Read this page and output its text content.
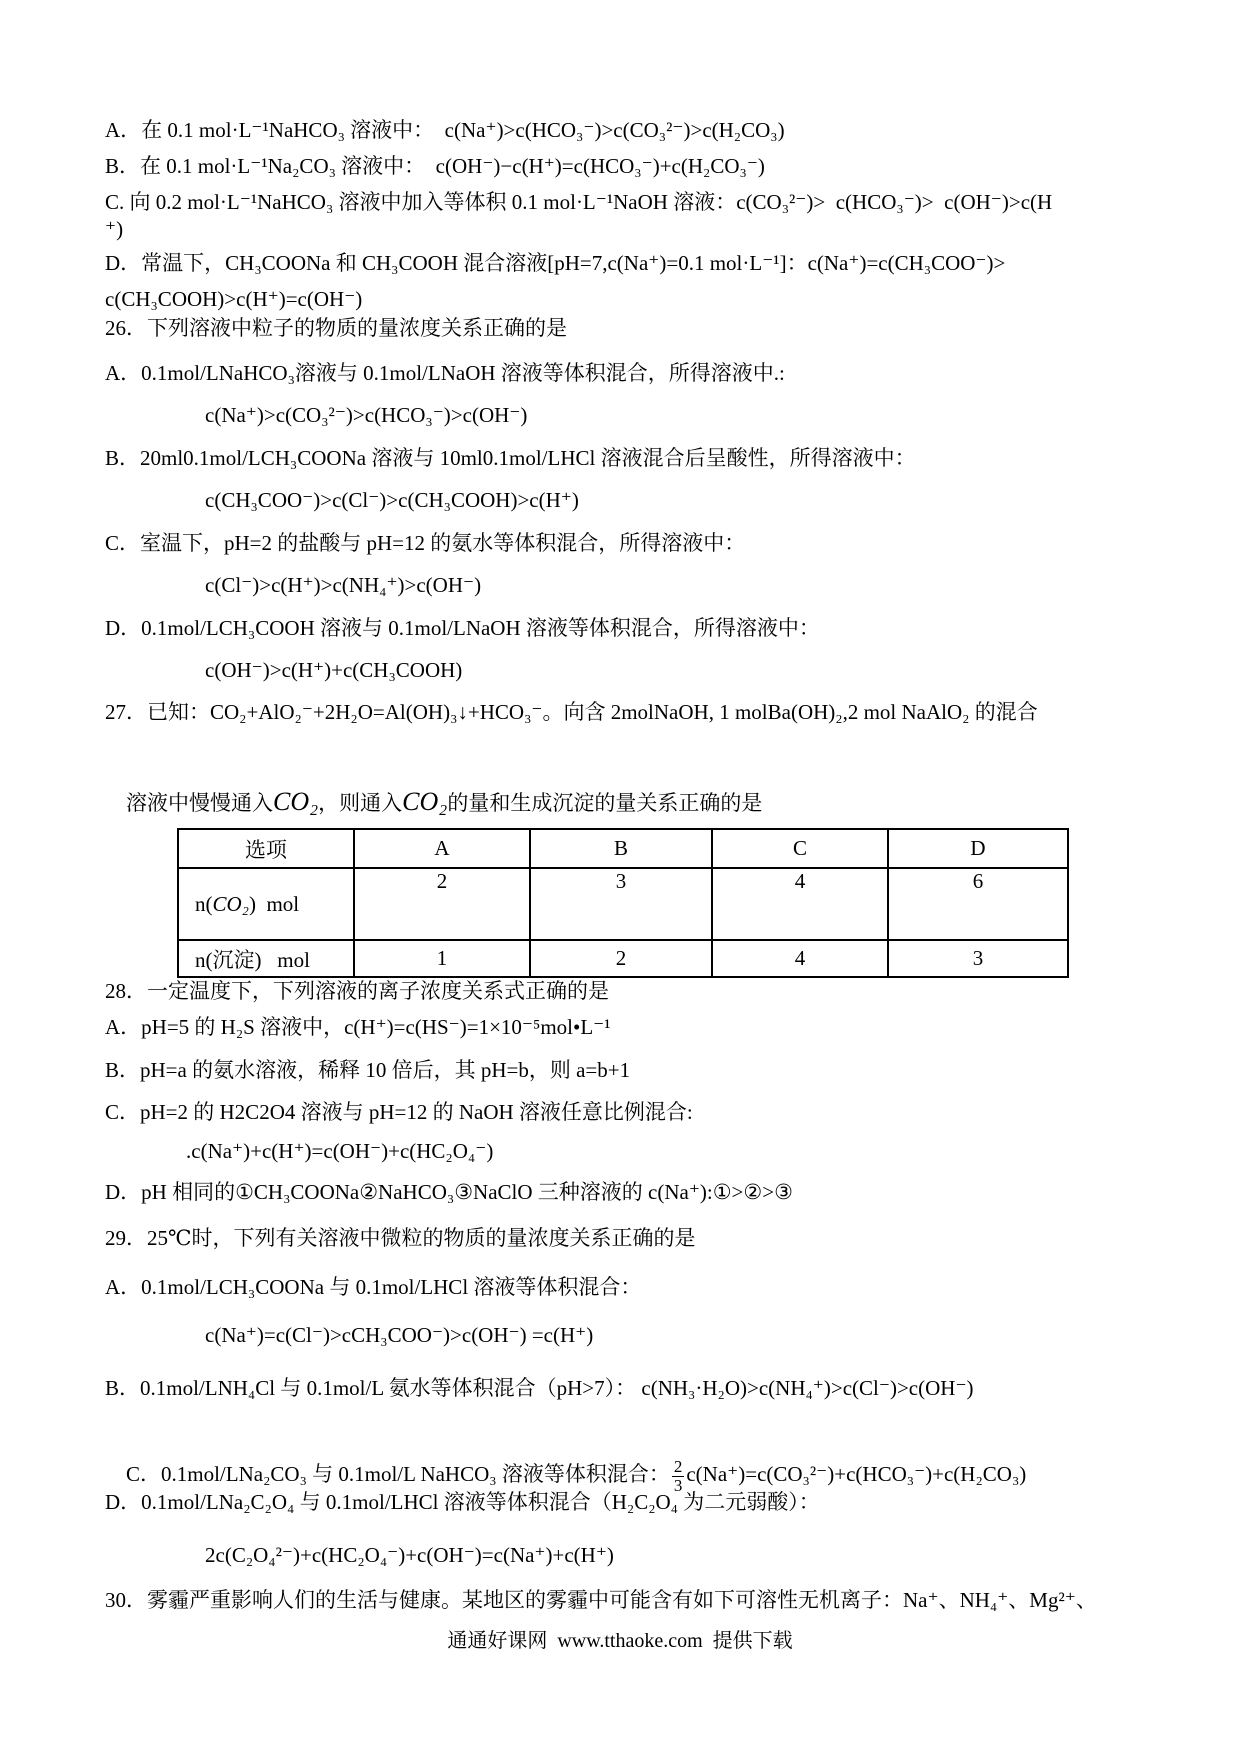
A．在 0.1 mol·L⁻¹NaHCO₃ 溶液中：  c(Na⁺)>c(HCO₃⁻)>c(CO₃²⁻)>c(H₂CO₃)
B．在 0.1 mol·L⁻¹Na₂CO₃ 溶液中：  c(OH⁻)−c(H⁺)=c(HCO₃⁻)+c(H₂CO₃⁻)
C. 向 0.2 mol·L⁻¹NaHCO₃ 溶液中加入等体积 0.1 mol·L⁻¹NaOH 溶液：c(CO₃²⁻)>  c(HCO₃⁻)>  c(OH⁻)>c(H
⁺)
D．常温下，CH₃COONa 和 CH₃COOH 混合溶液[pH=7,c(Na⁺)=0.1 mol·L⁻¹]：c(Na⁺)=c(CH₃COO⁻)>
c(CH₃COOH)>c(H⁺)=c(OH⁻)
26．下列溶液中粒子的物质的量浓度关系正确的是
A．0.1mol/LNaHCO₃溶液与 0.1mol/LNaOH 溶液等体积混合，所得溶液中.:
c(Na⁺)>c(CO₃²⁻)>c(HCO₃⁻)>c(OH⁻)
B．20ml0.1mol/LCH₃COONa 溶液与 10ml0.1mol/LHCl 溶液混合后呈酸性，所得溶液中：
c(CH₃COO⁻)>c(Cl⁻)>c(CH₃COOH)>c(H⁺)
C．室温下，pH=2 的盐酸与 pH=12 的氨水等体积混合，所得溶液中：
c(Cl⁻)>c(H⁺)>c(NH₄⁺)>c(OH⁻)
D．0.1mol/LCH₃COOH 溶液与 0.1mol/LNaOH 溶液等体积混合，所得溶液中：
c(OH⁻)>c(H⁺)+c(CH₃COOH)
27．已知：CO₂+AlO₂⁻+2H₂O=Al(OH)₃↓+HCO₃⁻。向含 2molNaOH, 1 molBa(OH)₂,2 mol NaAlO₂ 的混合

溶液中慢慢通入CO₂，则通入CO₂的量和生成沉淀的量关系正确的是

选项	A	B	C	D
n(CO₂)  mol	2	3	4	6
n(沉淀)   mol	1	2	4	3
28．一定温度下，下列溶液的离子浓度关系式正确的是
A．pH=5 的 H₂S 溶液中，c(H⁺)=c(HS⁻)=1×10⁻⁵mol•L⁻¹
B．pH=a 的氨水溶液，稀释 10 倍后，其 pH=b，则 a=b+1
C．pH=2 的 H2C2O4 溶液与 pH=12 的 NaOH 溶液任意比例混合:
.c(Na⁺)+c(H⁺)=c(OH⁻)+c(HC₂O₄⁻)
D．pH 相同的①CH₃COONa②NaHCO₃③NaClO 三种溶液的 c(Na⁺):①>②>③
29．25℃时，下列有关溶液中微粒的物质的量浓度关系正确的是
A．0.1mol/LCH₃COONa 与 0.1mol/LHCl 溶液等体积混合：
c(Na⁺)=c(Cl⁻)>cCH₃COO⁻)>c(OH⁻) =c(H⁺)
B．0.1mol/LNH₄Cl 与 0.1mol/L 氨水等体积混合（pH>7）： c(NH₃·H₂O)>c(NH₄⁺)>c(Cl⁻)>c(OH⁻)

C．0.1mol/LNa₂CO₃ 与 0.1mol/L NaHCO₃ 溶液等体积混合： $\frac{2}{3} c(Na^+)=c(CO_3^{2-})+c(HCO_3^-)+c(H_2CO_3)$

D．0.1mol/LNa₂C₂O₄ 与 0.1mol/LHCl 溶液等体积混合（H₂C₂O₄ 为二元弱酸）：
2c(C₂O₄²⁻)+c(HC₂O₄⁻)+c(OH⁻)=c(Na⁺)+c(H⁺)
30．雾霾严重影响人们的生活与健康。某地区的雾霾中可能含有如下可溶性无机离子：Na⁺、NH₄⁺、Mg²⁺、
通通好课网  www.tthaoke.com  提供下载
